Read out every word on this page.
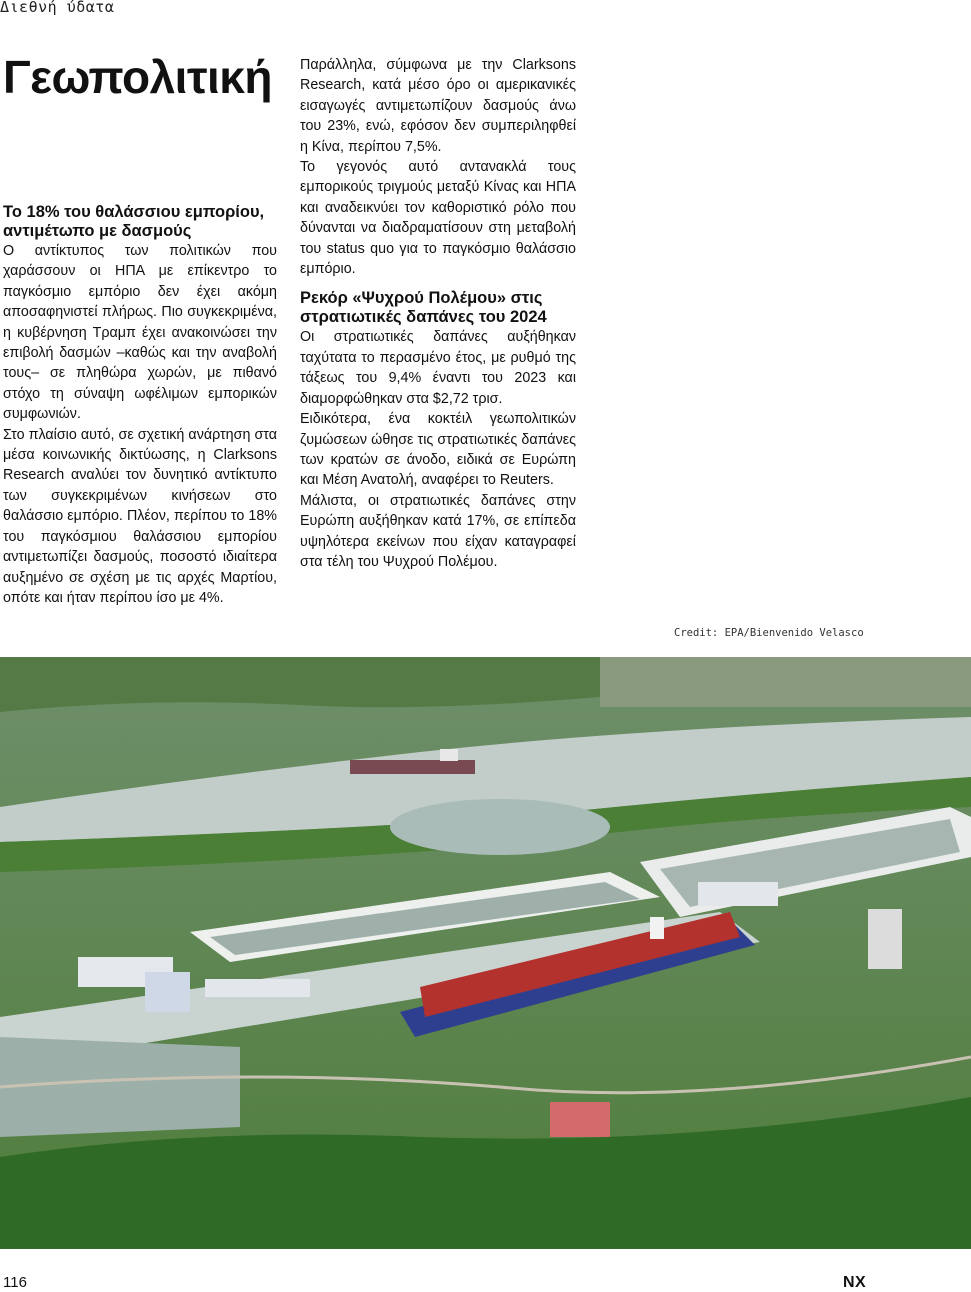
Διεθνή ύδατα
Γεωπολιτική
Το 18% του θαλάσσιου εμπορίου, αντιμέτωπο με δασμούς

Ο αντίκτυπος των πολιτικών που χαράσσουν οι ΗΠΑ με επίκεντρο το παγκόσμιο εμπόριο δεν έχει ακόμη αποσαφηνιστεί πλήρως. Πιο συγκεκριμένα, η κυβέρνηση Τραμπ έχει ανακοινώσει την επιβολή δασμών –καθώς και την αναβολή τους– σε πληθώρα χωρών, με πιθανό στόχο τη σύναψη ωφέλιμων εμπορικών συμφωνιών.

Στο πλαίσιο αυτό, σε σχετική ανάρτηση στα μέσα κοινωνικής δικτύωσης, η Clarksons Research αναλύει τον δυνητικό αντίκτυπο των συγκεκριμένων κινήσεων στο θαλάσσιο εμπόριο. Πλέον, περίπου το 18% του παγκόσμιου θαλάσσιου εμπορίου αντιμετωπίζει δασμούς, ποσοστό ιδιαίτερα αυξημένο σε σχέση με τις αρχές Μαρτίου, οπότε και ήταν περίπου ίσο με 4%.

Παράλληλα, σύμφωνα με την Clarksons Research, κατά μέσο όρο οι αμερικανικές εισαγωγές αντιμετωπίζουν δασμούς άνω του 23%, ενώ, εφόσον δεν συμπεριληφθεί η Κίνα, περίπου 7,5%.

Το γεγονός αυτό αντανακλά τους εμπορικούς τριγμούς μεταξύ Κίνας και ΗΠΑ και αναδεικνύει τον καθοριστικό ρόλο που δύνανται να διαδραματίσουν στη μεταβολή του status quo για το παγκόσμιο θαλάσσιο εμπόριο.

Ρεκόρ «Ψυχρού Πολέμου» στις στρατιωτικές δαπάνες του 2024

Οι στρατιωτικές δαπάνες αυξήθηκαν ταχύτατα το περασμένο έτος, με ρυθμό της τάξεως του 9,4% έναντι του 2023 και διαμορφώθηκαν στα $2,72 τρισ.

Ειδικότερα, ένα κοκτέιλ γεωπολιτικών ζυμώσεων ώθησε τις στρατιωτικές δαπάνες των κρατών σε άνοδο, ειδικά σε Ευρώπη και Μέση Ανατολή, αναφέρει το Reuters.

Μάλιστα, οι στρατιωτικές δαπάνες στην Ευρώπη αυξήθηκαν κατά 17%, σε επίπεδα υψηλότερα εκείνων που είχαν καταγραφεί στα τέλη του Ψυχρού Πολέμου.

Credit: EPA/Bienvenido Velasco
116	NX
